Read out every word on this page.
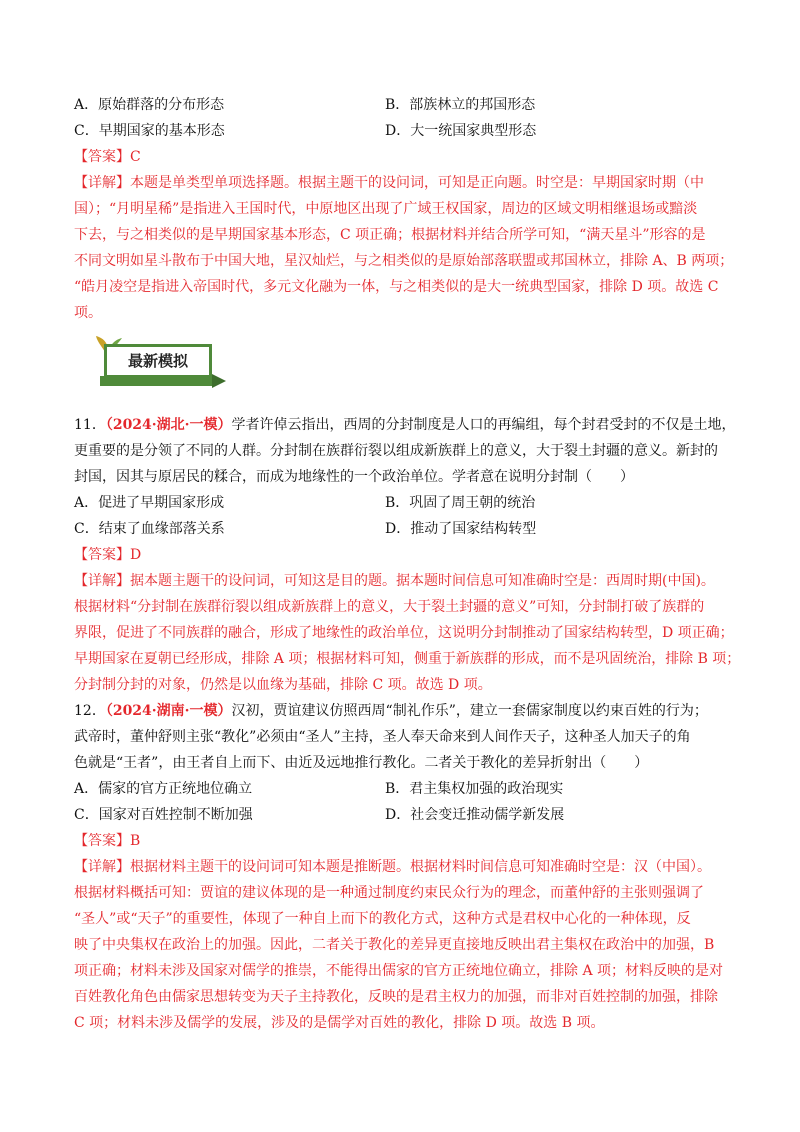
A．原始群落的分布形态	B．部族林立的邦国形态
C．早期国家的基本形态	D．大一统国家典型形态
【答案】C
【详解】本题是单类型单项选择题。根据主题干的设问词，可知是正向题。时空是：早期国家时期（中
国）；“月明星稀”是指进入王国时代，中原地区出现了广域王权国家，周边的区域文明相继退场或黯淡
下去，与之相类似的是早期国家基本形态，C 项正确；根据材料并结合所学可知，“满天星斗”形容的是
不同文明如星斗散布于中国大地，星汉灿烂，与之相类似的是原始部落联盟或邦国林立，排除 A、B 两项；
“皓月凌空是指进入帝国时代，多元文化融为一体，与之相类似的是大一统典型国家，排除 D 项。故选 C
项。
最新模拟
11．（2024·湖北·一模）学者许倬云指出，西周的分封制度是人口的再编组，每个封君受封的不仅是土地，
更重要的是分领了不同的人群。分封制在族群衍裂以组成新族群上的意义，大于裂土封疆的意义。新封的
封国，因其与原居民的糅合，而成为地缘性的一个政治单位。学者意在说明分封制（　　）
A．促进了早期国家形成	B．巩固了周王朝的统治
C．结束了血缘部落关系	D．推动了国家结构转型
【答案】D
【详解】据本题主题干的设问词，可知这是目的题。据本题时间信息可知准确时空是：西周时期(中国)。
根据材料“分封制在族群衍裂以组成新族群上的意义，大于裂土封疆的意义”可知，分封制打破了族群的
界限，促进了不同族群的融合，形成了地缘性的政治单位，这说明分封制推动了国家结构转型，D 项正确；
早期国家在夏朝已经形成，排除 A 项；根据材料可知，侧重于新族群的形成，而不是巩固统治，排除 B 项；
分封制分封的对象，仍然是以血缘为基础，排除 C 项。故选 D 项。
12．（2024·湖南·一模）汉初，贾谊建议仿照西周“制礼作乐”，建立一套儒家制度以约束百姓的行为；
武帝时，董仲舒则主张“教化”必须由“圣人”主持，圣人奉天命来到人间作天子，这种圣人加天子的角
色就是“王者”，由王者自上而下、由近及远地推行教化。二者关于教化的差异折射出（　　）
A．儒家的官方正统地位确立	B．君主集权加强的政治现实
C．国家对百姓控制不断加强	D．社会变迁推动儒学新发展
【答案】B
【详解】根据材料主题干的设问词可知本题是推断题。根据材料时间信息可知准确时空是：汉（中国）。
根据材料概括可知：贾谊的建议体现的是一种通过制度约束民众行为的理念，而董仲舒的主张则强调了
“圣人”或“天子”的重要性，体现了一种自上而下的教化方式，这种方式是君权中心化的一种体现，反
映了中央集权在政治上的加强。因此，二者关于教化的差异更直接地反映出君主集权在政治中的加强，B
项正确；材料未涉及国家对儒学的推崇，不能得出儒家的官方正统地位确立，排除 A 项；材料反映的是对
百姓教化角色由儒家思想转变为天子主持教化，反映的是君主权力的加强，而非对百姓控制的加强，排除
C 项；材料未涉及儒学的发展，涉及的是儒学对百姓的教化，排除 D 项。故选 B 项。
